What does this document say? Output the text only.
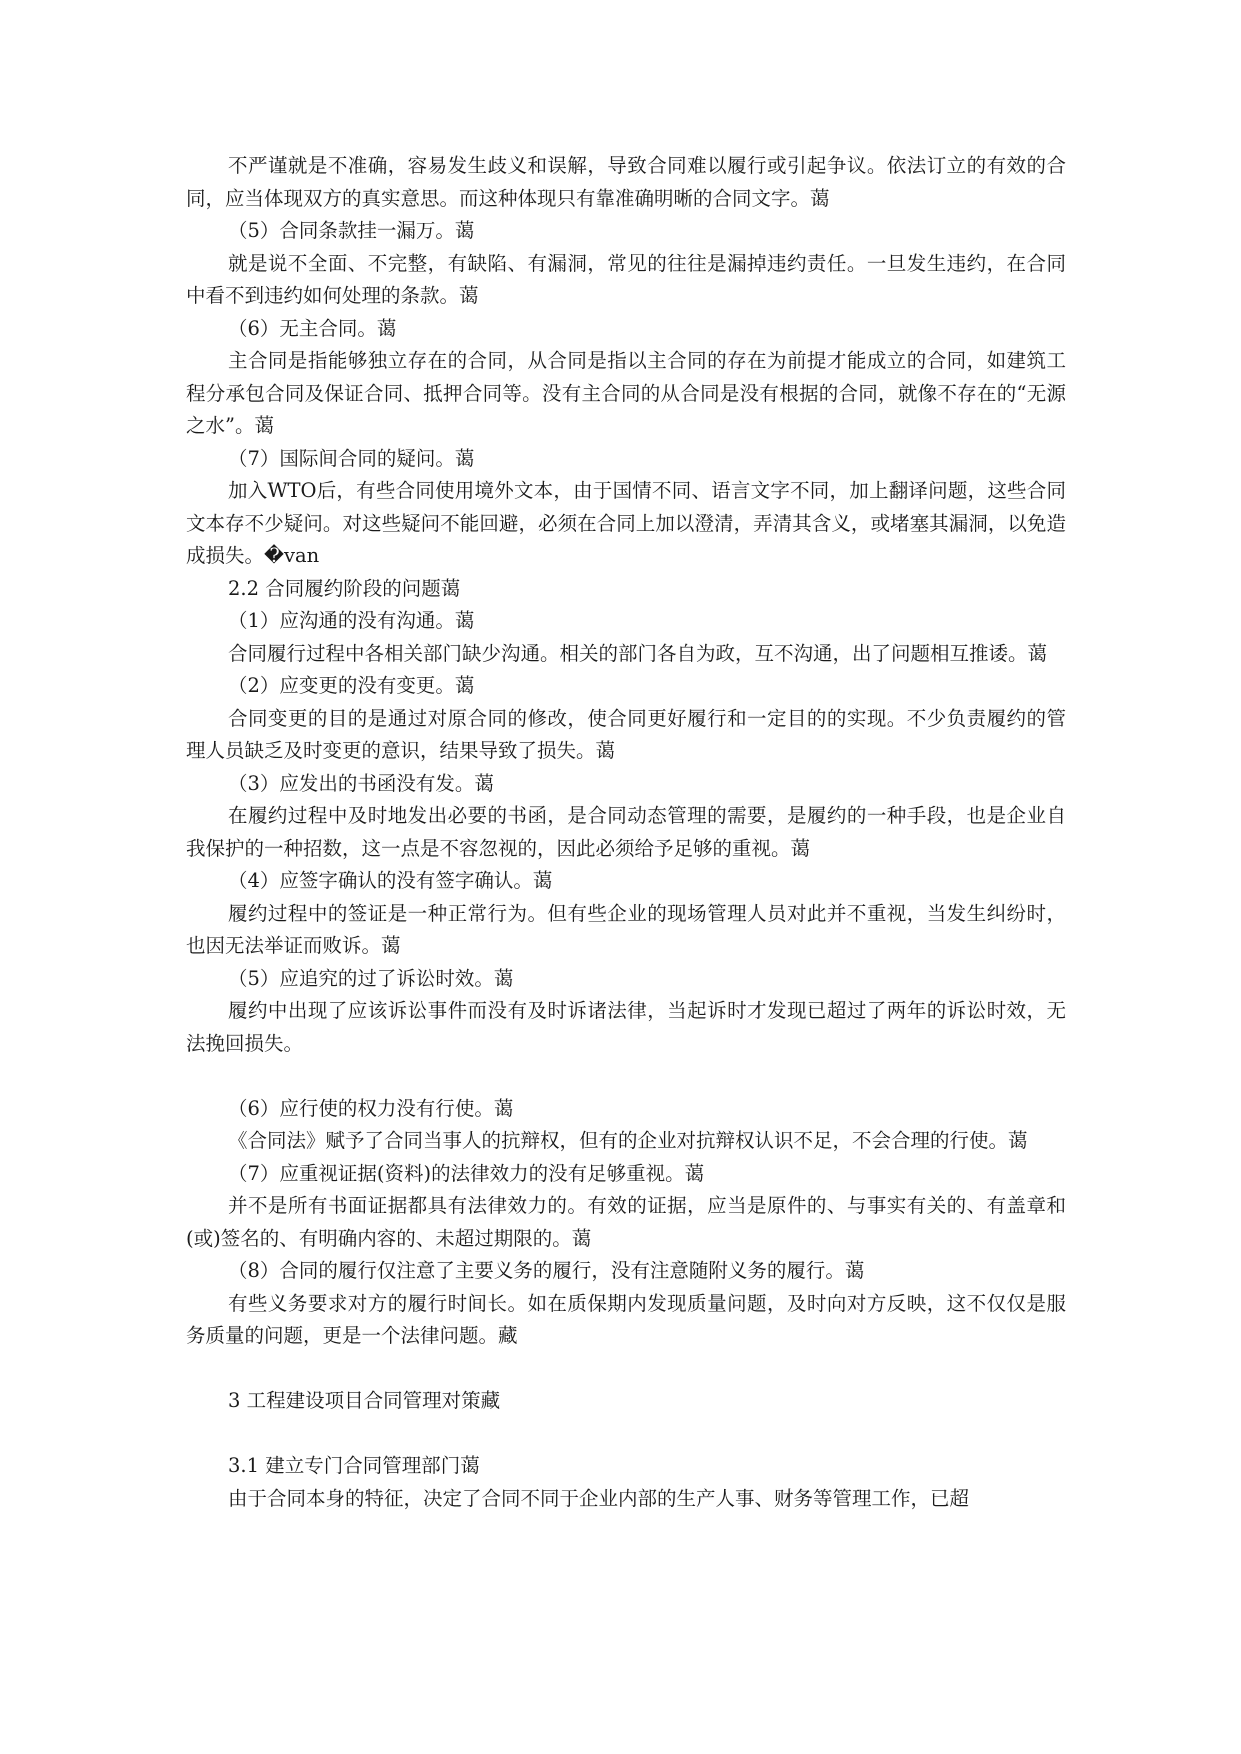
不严谨就是不准确，容易发生歧义和误解，导致合同难以履行或引起争议。依法订立的有效的合同，应当体现双方的真实意思。而这种体现只有靠准确明晰的合同文字。蔼

（5）合同条款挂一漏万。蔼

就是说不全面、不完整，有缺陷、有漏洞，常见的往往是漏掉违约责任。一旦发生违约，在合同中看不到违约如何处理的条款。蔼

（6）无主合同。蔼

主合同是指能够独立存在的合同，从合同是指以主合同的存在为前提才能成立的合同，如建筑工程分承包合同及保证合同、抵押合同等。没有主合同的从合同是没有根据的合同，就像不存在的“无源之水”。蔼

（7）国际间合同的疑问。蔼

加入WTO后，有些合同使用境外文本，由于国情不同、语言文字不同，加上翻译问题，这些合同文本存不少疑问。对这些疑问不能回避，必须在合同上加以澄清，弄清其含义，或堵塞其漏洞，以免造成损失。�van

2.2 合同履约阶段的问题蔼

（1）应沟通的没有沟通。蔼

合同履行过程中各相关部门缺少沟通。相关的部门各自为政，互不沟通，出了问题相互推诿。蔼

（2）应变更的没有变更。蔼

合同变更的目的是通过对原合同的修改，使合同更好履行和一定目的的实现。不少负责履约的管理人员缺乏及时变更的意识，结果导致了损失。蔼

（3）应发出的书函没有发。蔼

在履约过程中及时地发出必要的书函，是合同动态管理的需要，是履约的一种手段，也是企业自我保护的一种招数，这一点是不容忽视的，因此必须给予足够的重视。蔼

（4）应签字确认的没有签字确认。蔼

履约过程中的签证是一种正常行为。但有些企业的现场管理人员对此并不重视，当发生纠纷时，也因无法举证而败诉。蔼

（5）应追究的过了诉讼时效。蔼

履约中出现了应该诉讼事件而没有及时诉诸法律，当起诉时才发现已超过了两年的诉讼时效，无法挽回损失。

（6）应行使的权力没有行使。蔼

《合同法》赋予了合同当事人的抗辩权，但有的企业对抗辩权认识不足，不会合理的行使。蔼

（7）应重视证据(资料)的法律效力的没有足够重视。蔼

并不是所有书面证据都具有法律效力的。有效的证据，应当是原件的、与事实有关的、有盖章和(或)签名的、有明确内容的、未超过期限的。蔼

（8）合同的履行仅注意了主要义务的履行，没有注意随附义务的履行。蔼

有些义务要求对方的履行时间长。如在质保期内发现质量问题，及时向对方反映，这不仅仅是服务质量的问题，更是一个法律问题。藏

3 工程建设项目合同管理对策藏

3.1 建立专门合同管理部门蔼

由于合同本身的特征，决定了合同不同于企业内部的生产人事、财务等管理工作，已超
